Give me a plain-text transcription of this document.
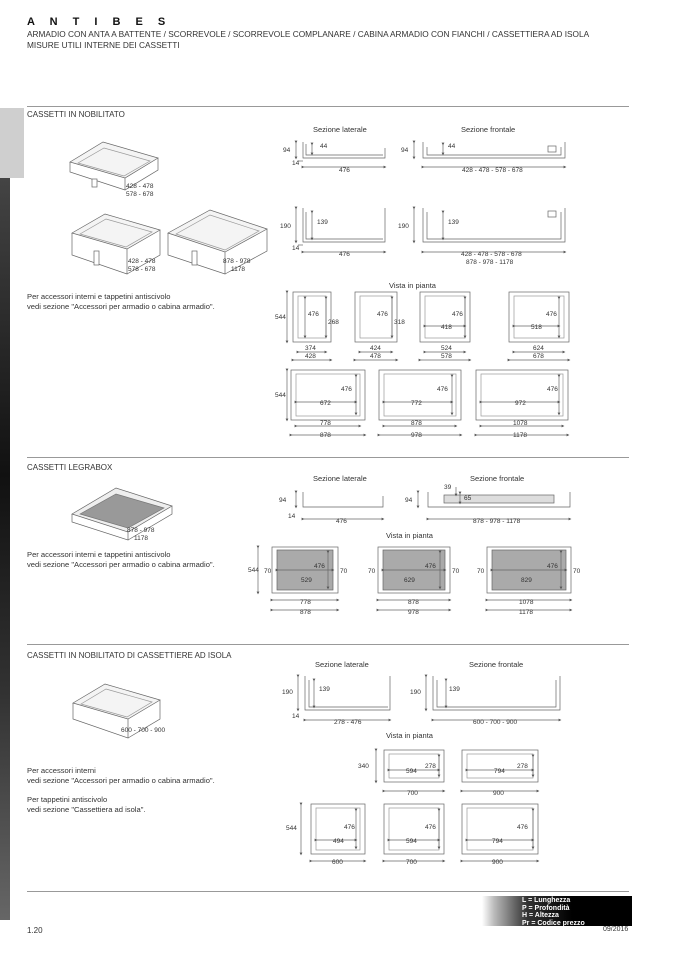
A N T I B E S
ARMADIO CON ANTA A BATTENTE / SCORREVOLE / SCORREVOLE COMPLANARE / CABINA ARMADIO CON FIANCHI / CASSETTIERA AD ISOLA
MISURE UTILI INTERNE DEI CASSETTI
CASSETTI IN NOBILITATO
Per accessori interni e tappetini antiscivolo
vedi sezione "Accessori per armadio o cabina armadio".
CASSETTI LEGRABOX
Per accessori interni e tappetini antiscivolo
vedi sezione "Accessori per armadio o cabina armadio".
CASSETTI IN NOBILITATO DI CASSETTIERE AD ISOLA
Per accessori interni
vedi sezione "Accessori per armadio o cabina armadio".
Per tappetini antiscivolo
vedi sezione "Cassettiera ad isola".
428 - 478
578 - 678
428 - 478
578 - 678
878 - 978
1178
Sezione laterale	Sezione frontale
94
44
14
476
94
44
428 - 478 - 578 - 678
190
139
14
476
190
139
428 - 478 - 578 - 678
878 - 978 - 1178
Vista in pianta
544	476
268
374
428
476
318
424
478
476
418
524
578
476
518
624
678
544
476
672
778
878
476
772
878
978
476
972
1078
1178
878 - 978
1178
Sezione laterale	Sezione frontale
94
14
476
94
39
65
878 - 978 - 1178
Vista in pianta
544 70
476
529
70
778
878
70
476
629
70
878
978
70
476
829
70
1078
1178
600 - 700 - 900
Sezione laterale	Sezione frontale
190	139
14
278 - 476
190	139
600 - 700 - 900
Vista in pianta
340
594
278
700
794
278
900
544
494
476
600
594
476
700
794
476
900
L = Lunghezza
P = Profondità
H = Altezza
Pr = Codice prezzo
1.20	09/2016
